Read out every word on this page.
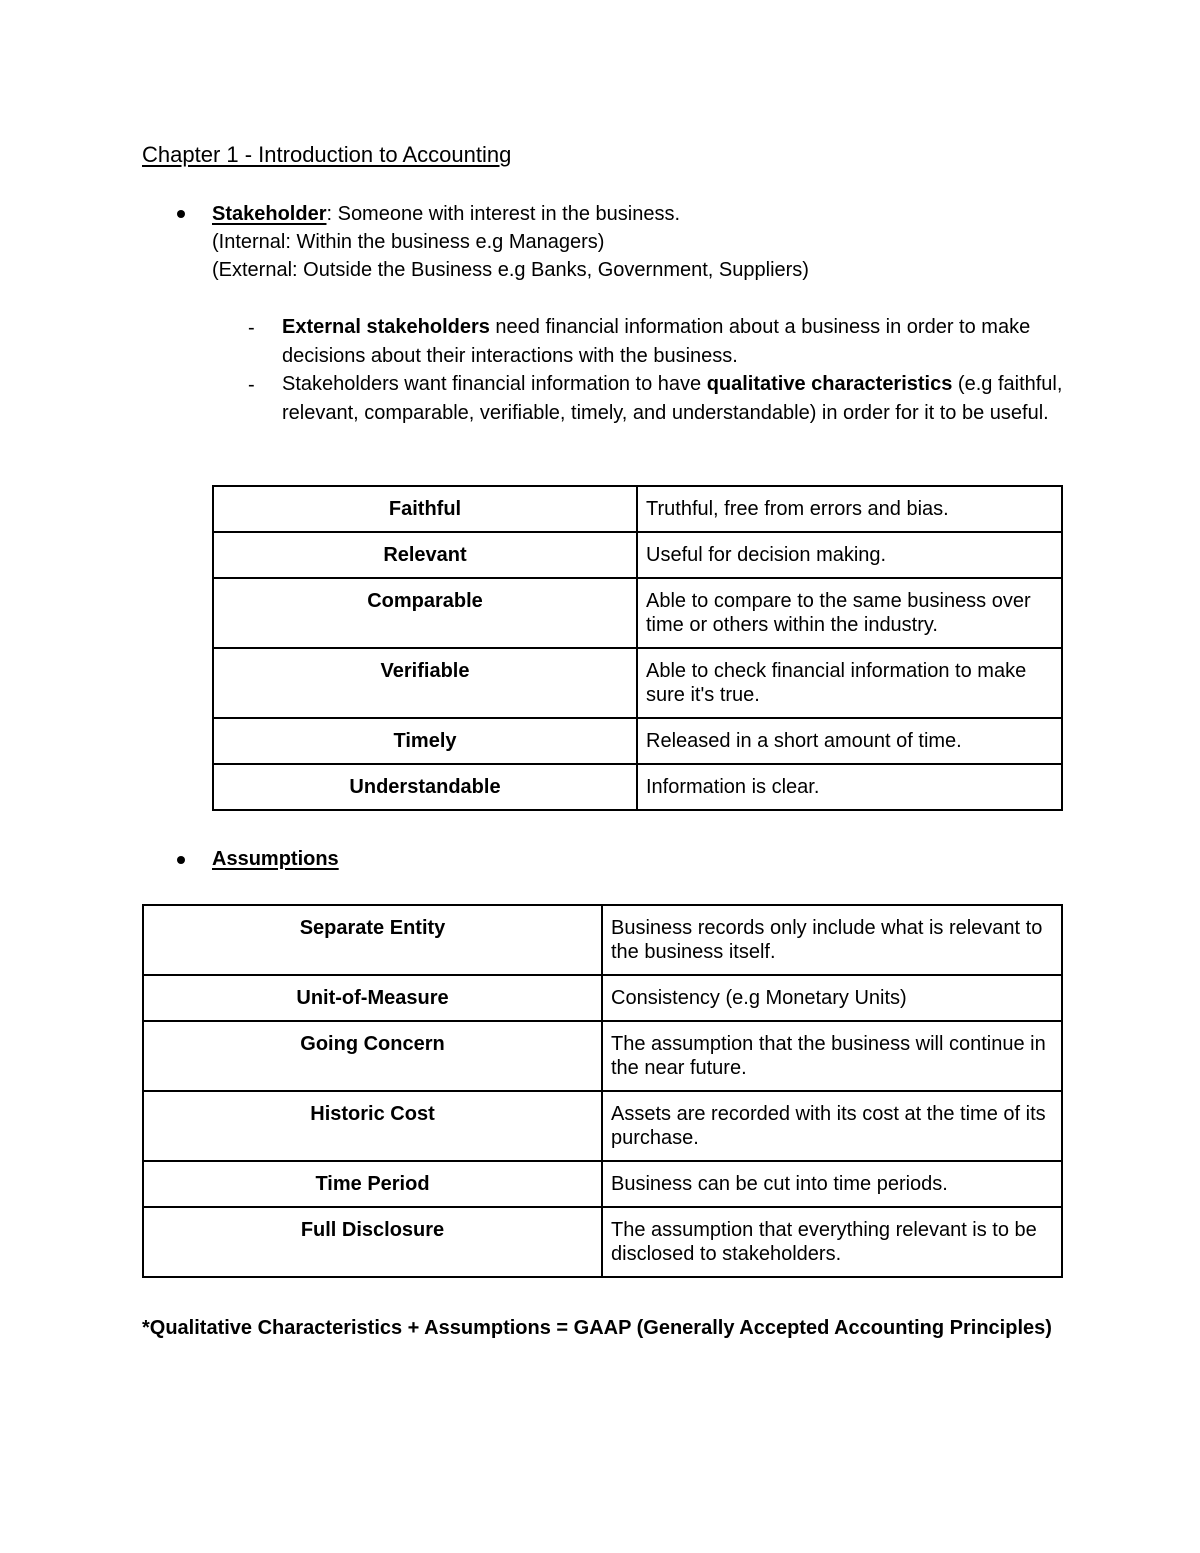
Chapter 1 - Introduction to Accounting
Stakeholder: Someone with interest in the business.
(Internal: Within the business e.g Managers)
(External: Outside the Business e.g Banks, Government, Suppliers)
- External stakeholders need financial information about a business in order to make decisions about their interactions with the business.
- Stakeholders want financial information to have qualitative characteristics (e.g faithful, relevant, comparable, verifiable, timely, and understandable) in order for it to be useful.
Faithful	Truthful, free from errors and bias.
Relevant	Useful for decision making.
Comparable	Able to compare to the same business over time or others within the industry.
Verifiable	Able to check financial information to make sure it's true.
Timely	Released in a short amount of time.
Understandable	Information is clear.
Assumptions
Separate Entity	Business records only include what is relevant to the business itself.
Unit-of-Measure	Consistency (e.g Monetary Units)
Going Concern	The assumption that the business will continue in the near future.
Historic Cost	Assets are recorded with its cost at the time of its purchase.
Time Period	Business can be cut into time periods.
Full Disclosure	The assumption that everything relevant is to be disclosed to stakeholders.
*Qualitative Characteristics + Assumptions = GAAP (Generally Accepted Accounting Principles)
